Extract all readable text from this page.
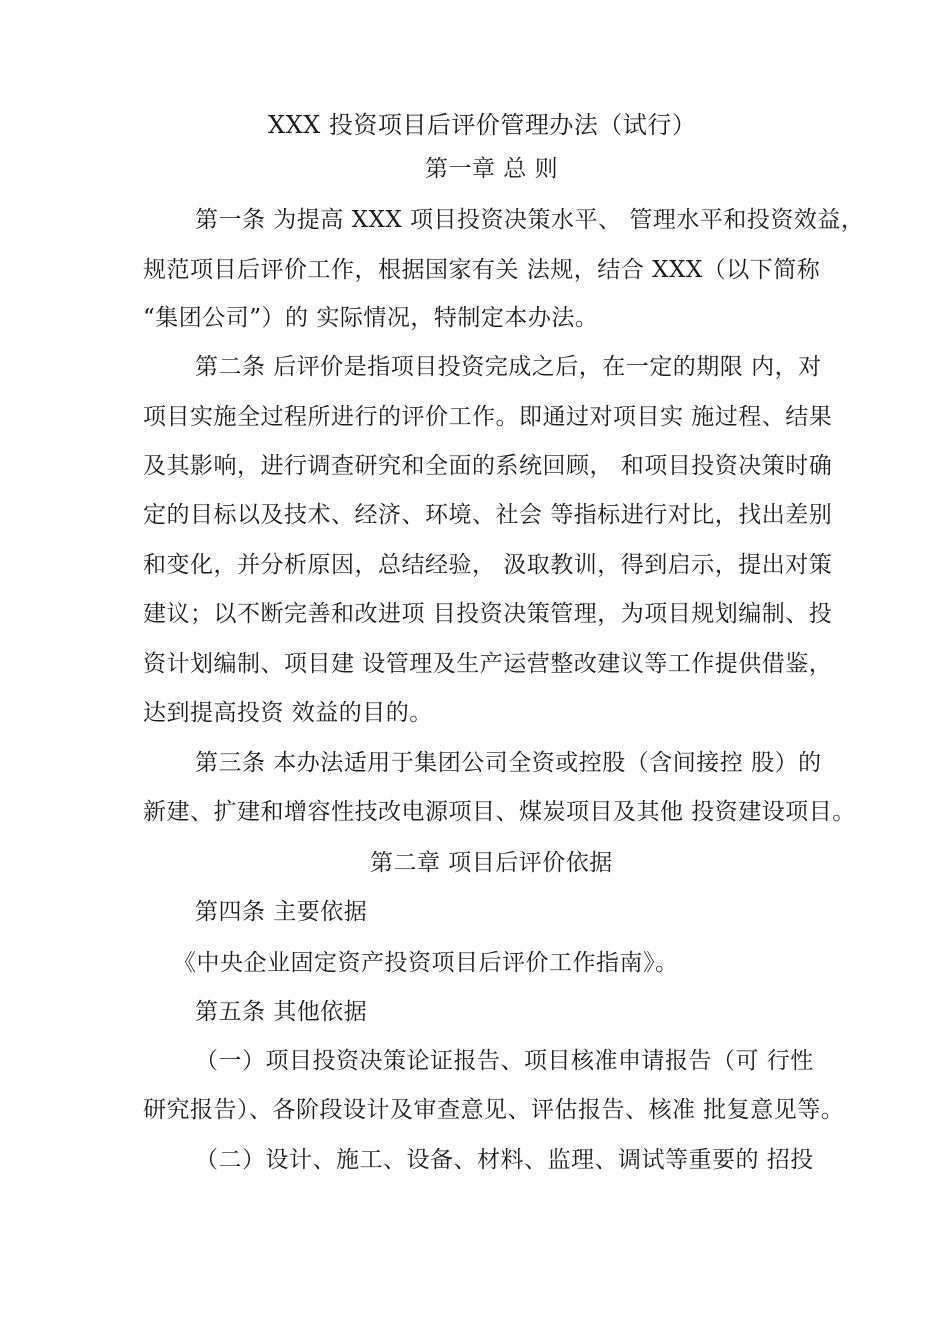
XXX 投资项目后评价管理办法（试行）
第一章 总 则
第一条 为提高 XXX 项目投资决策水平、 管理水平和投资效益，
规范项目后评价工作，根据国家有关 法规，结合 XXX（以下简称
“集团公司”）的 实际情况，特制定本办法。
第二条 后评价是指项目投资完成之后，在一定的期限 内，对
项目实施全过程所进行的评价工作。即通过对项目实 施过程、结果
及其影响，进行调查研究和全面的系统回顾， 和项目投资决策时确
定的目标以及技术、经济、环境、社会 等指标进行对比，找出差别
和变化，并分析原因，总结经验， 汲取教训，得到启示，提出对策
建议；以不断完善和改进项 目投资决策管理，为项目规划编制、投
资计划编制、项目建 设管理及生产运营整改建议等工作提供借鉴，
达到提高投资 效益的目的。
第三条 本办法适用于集团公司全资或控股（含间接控 股）的
新建、扩建和增容性技改电源项目、煤炭项目及其他 投资建设项目。
第二章 项目后评价依据
第四条 主要依据
《中央企业固定资产投资项目后评价工作指南》。
第五条 其他依据
（一）项目投资决策论证报告、项目核准申请报告（可 行性
研究报告）、各阶段设计及审查意见、评估报告、核准 批复意见等。
（二）设计、施工、设备、材料、监理、调试等重要的 招投
